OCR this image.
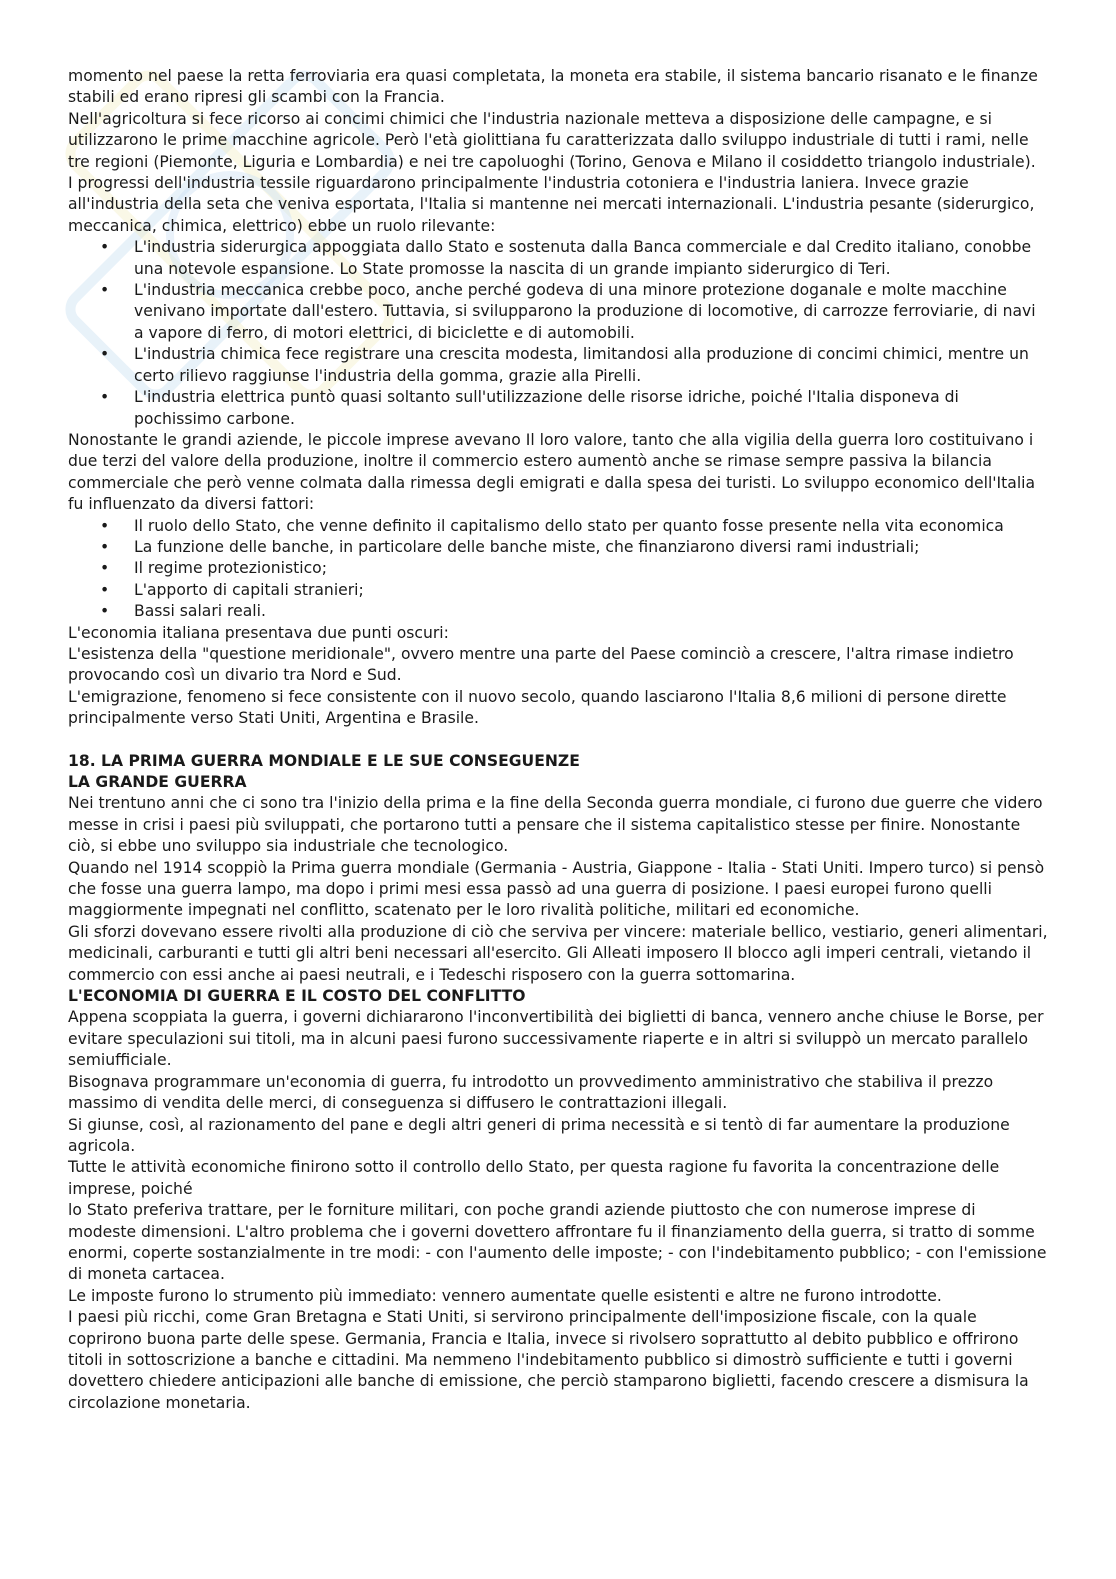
momento nel paese la retta ferroviaria era quasi completata, la moneta era stabile, il sistema bancario risanato e le finanze stabili ed erano ripresi gli scambi con la Francia.

Nell'agricoltura si fece ricorso ai concimi chimici che l'industria nazionale metteva a disposizione delle campagne, e si utilizzarono le prime macchine agricole. Però l'età giolittiana fu caratterizzata dallo sviluppo industriale di tutti i rami, nelle tre regioni (Piemonte, Liguria e Lombardia) e nei tre capoluoghi (Torino, Genova e Milano il cosiddetto triangolo industriale).

I progressi dell'industria tessile riguardarono principalmente l'industria cotoniera e l'industria laniera. Invece grazie all'industria della seta che veniva esportata, l'Italia si mantenne nei mercati internazionali. L'industria pesante (siderurgico, meccanica, chimica, elettrico) ebbe un ruolo rilevante:

• L'industria siderurgica appoggiata dallo Stato e sostenuta dalla Banca commerciale e dal Credito italiano, conobbe una notevole espansione. Lo State promosse la nascita di un grande impianto siderurgico di Teri.
• L'industria meccanica crebbe poco, anche perché godeva di una minore protezione doganale e molte macchine venivano importate dall'estero. Tuttavia, si svilupparono la produzione di locomotive, di carrozze ferroviarie, di navi a vapore di ferro, di motori elettrici, di biciclette e di automobili.
• L'industria chimica fece registrare una crescita modesta, limitandosi alla produzione di concimi chimici, mentre un certo rilievo raggiunse l'industria della gomma, grazie alla Pirelli.
• L'industria elettrica puntò quasi soltanto sull'utilizzazione delle risorse idriche, poiché l'Italia disponeva di pochissimo carbone.

Nonostante le grandi aziende, le piccole imprese avevano Il loro valore, tanto che alla vigilia della guerra loro costituivano i due terzi del valore della produzione, inoltre il commercio estero aumentò anche se rimase sempre passiva la bilancia commerciale che però venne colmata dalla rimessa degli emigrati e dalla spesa dei turisti. Lo sviluppo economico dell'Italia fu influenzato da diversi fattori:

• Il ruolo dello Stato, che venne definito il capitalismo dello stato per quanto fosse presente nella vita economica
• La funzione delle banche, in particolare delle banche miste, che finanziarono diversi rami industriali;
• Il regime protezionistico;
• L'apporto di capitali stranieri;
• Bassi salari reali.

L'economia italiana presentava due punti oscuri:

L'esistenza della "questione meridionale", ovvero mentre una parte del Paese cominciò a crescere, l'altra rimase indietro provocando così un divario tra Nord e Sud.

L'emigrazione, fenomeno si fece consistente con il nuovo secolo, quando lasciarono l'Italia 8,6 milioni di persone dirette principalmente verso Stati Uniti, Argentina e Brasile.

18. LA PRIMA GUERRA MONDIALE E LE SUE CONSEGUENZE

LA GRANDE GUERRA

Nei trentuno anni che ci sono tra l'inizio della prima e la fine della Seconda guerra mondiale, ci furono due guerre che videro messe in crisi i paesi più sviluppati, che portarono tutti a pensare che il sistema capitalistico stesse per finire. Nonostante ciò, si ebbe uno sviluppo sia industriale che tecnologico.

Quando nel 1914 scoppiò la Prima guerra mondiale (Germania - Austria, Giappone - Italia - Stati Uniti. Impero turco) si pensò che fosse una guerra lampo, ma dopo i primi mesi essa passò ad una guerra di posizione. I paesi europei furono quelli maggiormente impegnati nel conflitto, scatenato per le loro rivalità politiche, militari ed economiche.

Gli sforzi dovevano essere rivolti alla produzione di ciò che serviva per vincere: materiale bellico, vestiario, generi alimentari, medicinali, carburanti e tutti gli altri beni necessari all'esercito. Gli Alleati imposero Il blocco agli imperi centrali, vietando il commercio con essi anche ai paesi neutrali, e i Tedeschi risposero con la guerra sottomarina.

L'ECONOMIA DI GUERRA E IL COSTO DEL CONFLITTO

Appena scoppiata la guerra, i governi dichiararono l'inconvertibilità dei biglietti di banca, vennero anche chiuse le Borse, per evitare speculazioni sui titoli, ma in alcuni paesi furono successivamente riaperte e in altri si sviluppò un mercato parallelo semiufficiale.

Bisognava programmare un'economia di guerra, fu introdotto un provvedimento amministrativo che stabiliva il prezzo massimo di vendita delle merci, di conseguenza si diffusero le contrattazioni illegali.

Si giunse, così, al razionamento del pane e degli altri generi di prima necessità e si tentò di far aumentare la produzione agricola.

Tutte le attività economiche finirono sotto il controllo dello Stato, per questa ragione fu favorita la concentrazione delle imprese, poiché

lo Stato preferiva trattare, per le forniture militari, con poche grandi aziende piuttosto che con numerose imprese di modeste dimensioni. L'altro problema che i governi dovettero affrontare fu il finanziamento della guerra, si tratto di somme enormi, coperte sostanzialmente in tre modi: - con l'aumento delle imposte; - con l'indebitamento pubblico; - con l'emissione di moneta cartacea.

Le imposte furono lo strumento più immediato: vennero aumentate quelle esistenti e altre ne furono introdotte.

I paesi più ricchi, come Gran Bretagna e Stati Uniti, si servirono principalmente dell'imposizione fiscale, con la quale coprirono buona parte delle spese. Germania, Francia e Italia, invece si rivolsero soprattutto al debito pubblico e offrirono titoli in sottoscrizione a banche e cittadini. Ma nemmeno l'indebitamento pubblico si dimostrò sufficiente e tutti i governi dovettero chiedere anticipazioni alle banche di emissione, che perciò stamparono biglietti, facendo crescere a dismisura la circolazione monetaria.
